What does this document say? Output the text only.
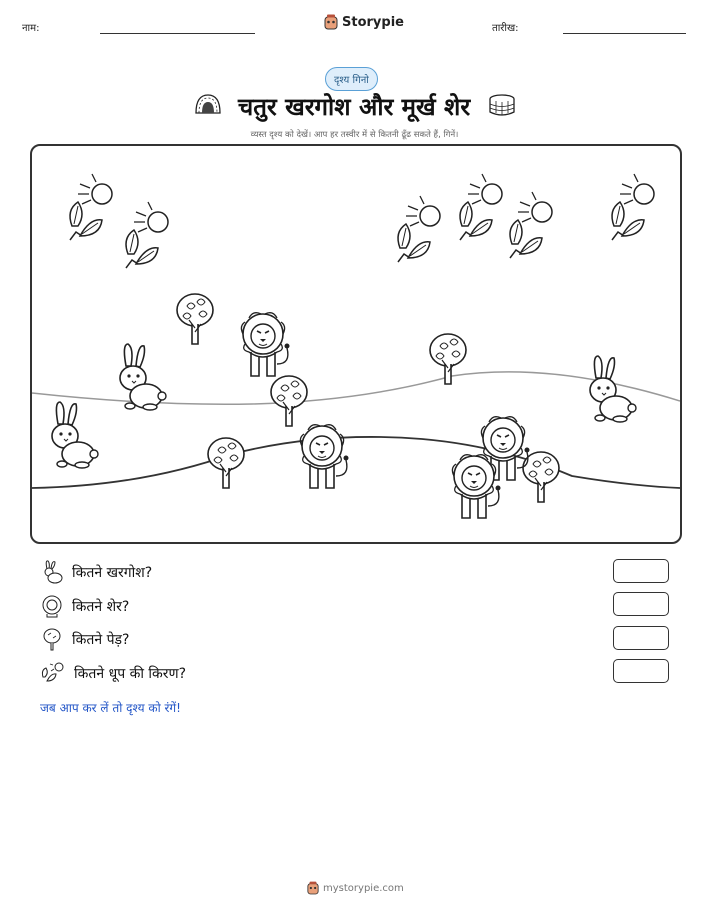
नाम:	Storypie	तारीख:
दृश्य गिनो
चतुर खरगोश और मूर्ख शेर
व्यस्त दृश्य को देखें। आप हर तस्वीर में से कितनी ढूँढ सकते हैं, गिनें।
कितने खरगोश?
कितने शेर?
कितने पेड़?
कितने धूप की किरण?
जब आप कर लें तो दृश्य को रंगें!
mystorypie.com
